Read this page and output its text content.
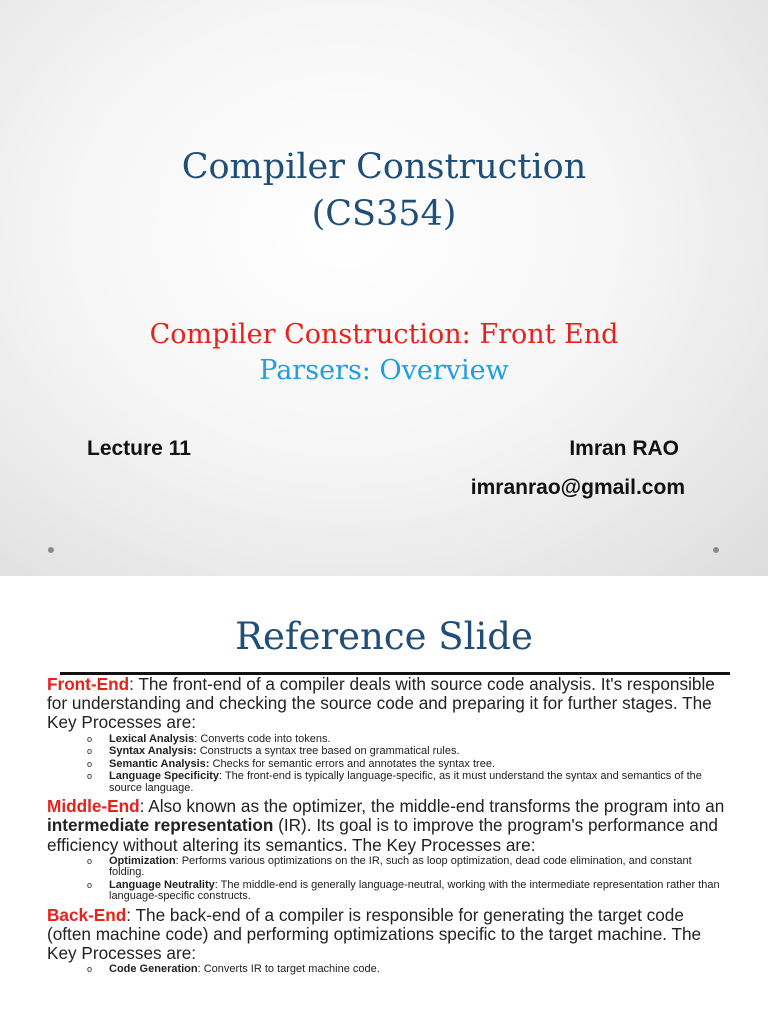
Compiler Construction
(CS354)
Compiler Construction: Front End
Parsers: Overview
Lecture 11	Imran RAO
imranrao@gmail.com
Reference Slide
Front-End: The front-end of a compiler deals with source code analysis. It's responsible for understanding and checking the source code and preparing it for further stages. The Key Processes are:
o Lexical Analysis: Converts code into tokens.
o Syntax Analysis: Constructs a syntax tree based on grammatical rules.
o Semantic Analysis: Checks for semantic errors and annotates the syntax tree.
o Language Specificity: The front-end is typically language-specific, as it must understand the syntax and semantics of the source language.
Middle-End: Also known as the optimizer, the middle-end transforms the program into an intermediate representation (IR). Its goal is to improve the program's performance and efficiency without altering its semantics. The Key Processes are:
o Optimization: Performs various optimizations on the IR, such as loop optimization, dead code elimination, and constant folding.
o Language Neutrality: The middle-end is generally language-neutral, working with the intermediate representation rather than language-specific constructs.
Back-End: The back-end of a compiler is responsible for generating the target code (often machine code) and performing optimizations specific to the target machine. The Key Processes are:
o Code Generation: Converts IR to target machine code.
